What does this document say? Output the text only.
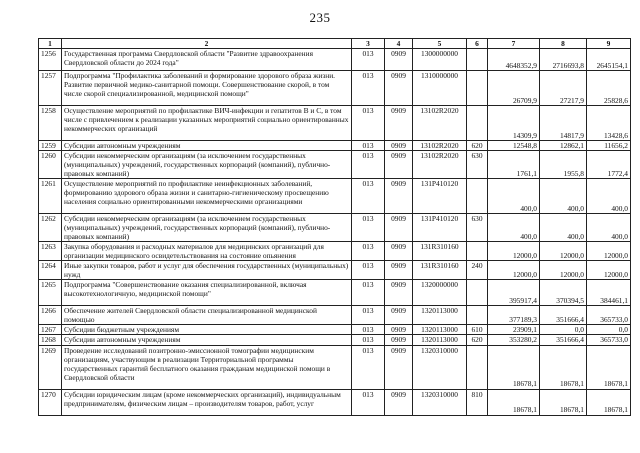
235
1	2	3	4	5	6	7	8	9
1256	Государственная программа Свердловской области "Развитие здравоохранения Свердловской области до 2024 года"	013	0909	1300000000		4648352,9	2716693,8	2645154,1
1257	Подпрограмма "Профилактика заболеваний и формирование здорового образа жизни. Развитие первичной медико-санитарной помощи. Совершенствование скорой, в том числе скорой специализированной, медицинской помощи"	013	0909	1310000000		26709,9	27217,9	25828,6
1258	Осуществление мероприятий по профилактике ВИЧ-инфекции и гепатитов В и С, в том числе с привлечением к реализации указанных мероприятий социально ориентированных некоммерческих организаций	013	0909	13102R2020		14309,9	14817,9	13428,6
1259	Субсидии автономным учреждениям	013	0909	13102R2020	620	12548,8	12862,1	11656,2
1260	Субсидии некоммерческим организациям (за исключением государственных (муниципальных) учреждений, государственных корпораций (компаний), публично-правовых компаний)	013	0909	13102R2020	630	1761,1	1955,8	1772,4
1261	Осуществление мероприятий по профилактике неинфекционных заболеваний, формированию здорового образа жизни и санитарно-гигиеническому просвещению населения социально ориентированными некоммерческими организациями	013	0909	131P410120		400,0	400,0	400,0
1262	Субсидии некоммерческим организациям (за исключением государственных (муниципальных) учреждений, государственных корпораций (компаний), публично-правовых компаний)	013	0909	131P410120	630	400,0	400,0	400,0
1263	Закупка оборудования и расходных материалов для медицинских организаций для организации медицинского освидетельствования на состояние опьянения	013	0909	131R310160		12000,0	12000,0	12000,0
1264	Иные закупки товаров, работ и услуг для обеспечения государственных (муниципальных) нужд	013	0909	131R310160	240	12000,0	12000,0	12000,0
1265	Подпрограмма "Совершенствование оказания специализированной, включая высокотехнологичную, медицинской помощи"	013	0909	1320000000		395917,4	370394,5	384461,1
1266	Обеспечение жителей Свердловской области специализированной медицинской помощью	013	0909	1320113000		377189,3	351666,4	365733,0
1267	Субсидии бюджетным учреждениям	013	0909	1320113000	610	23909,1	0,0	0,0
1268	Субсидии автономным учреждениям	013	0909	1320113000	620	353280,2	351666,4	365733,0
1269	Проведение исследований позитронно-эмиссионной томографии медицинским организациям, участвующим в реализации Территориальной программы государственных гарантий бесплатного оказания гражданам медицинской помощи в Свердловской области	013	0909	1320310000		18678,1	18678,1	18678,1
1270	Субсидии юридическим лицам (кроме некоммерческих организаций), индивидуальным предпринимателям, физическим лицам – производителям товаров, работ, услуг	013	0909	1320310000	810	18678,1	18678,1	18678,1
